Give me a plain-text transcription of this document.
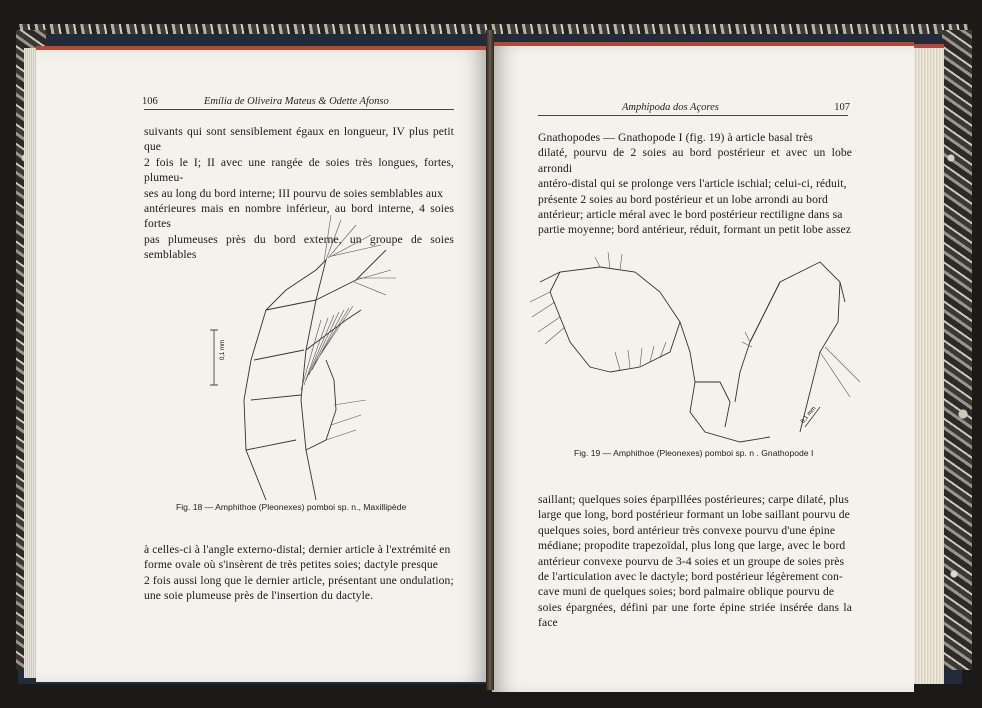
106	Emília de Oliveira Mateus & Odette Afonso
suivants qui sont sensiblement égaux en longueur, IV plus petit que
2 fois le I; II avec une rangée de soies très longues, fortes, plumeu-
ses au long du bord interne; III pourvu de soies semblables aux
antérieures mais en nombre inférieur, au bord interne, 4 soies fortes
pas plumeuses près du bord externe, un groupe de soies semblables
0,1 mm
Fig. 18 — Amphithoe (Pleonexes) pomboi sp. n., Maxillipède
à celles-ci à l'angle externo-distal; dernier article à l'extrémité en
forme ovale où s'insèrent de très petites soies; dactyle presque
2 fois aussi long que le dernier article, présentant une ondulation;
une soie plumeuse près de l'insertion du dactyle.
Amphipoda dos Açores	107
Gnathopodes — Gnathopode I (fig. 19) à article basal très
dilaté, pourvu de 2 soies au bord postérieur et avec un lobe arrondi
antéro-distal qui se prolonge vers l'article ischial; celui-ci, réduit,
présente 2 soies au bord postérieur et un lobe arrondi au bord
antérieur; article méral avec le bord postérieur rectiligne dans sa
partie moyenne; bord antérieur, réduit, formant un petit lobe assez
0,1 mm
Fig. 19 — Amphithoe (Pleonexes) pomboi sp. n . Gnathopode I
saillant; quelques soies éparpillées postérieures; carpe dilaté, plus
large que long, bord postérieur formant un lobe saillant pourvu de
quelques soies, bord antérieur très convexe pourvu d'une épine
médiane; propodite trapezoïdal, plus long que large, avec le bord
antérieur convexe pourvu de 3-4 soies et un groupe de soies près
de l'articulation avec le dactyle; bord postérieur légèrement con-
cave muni de quelques soies; bord palmaire oblique pourvu de
soies épargnées, défini par une forte épine striée insérée dans la face
